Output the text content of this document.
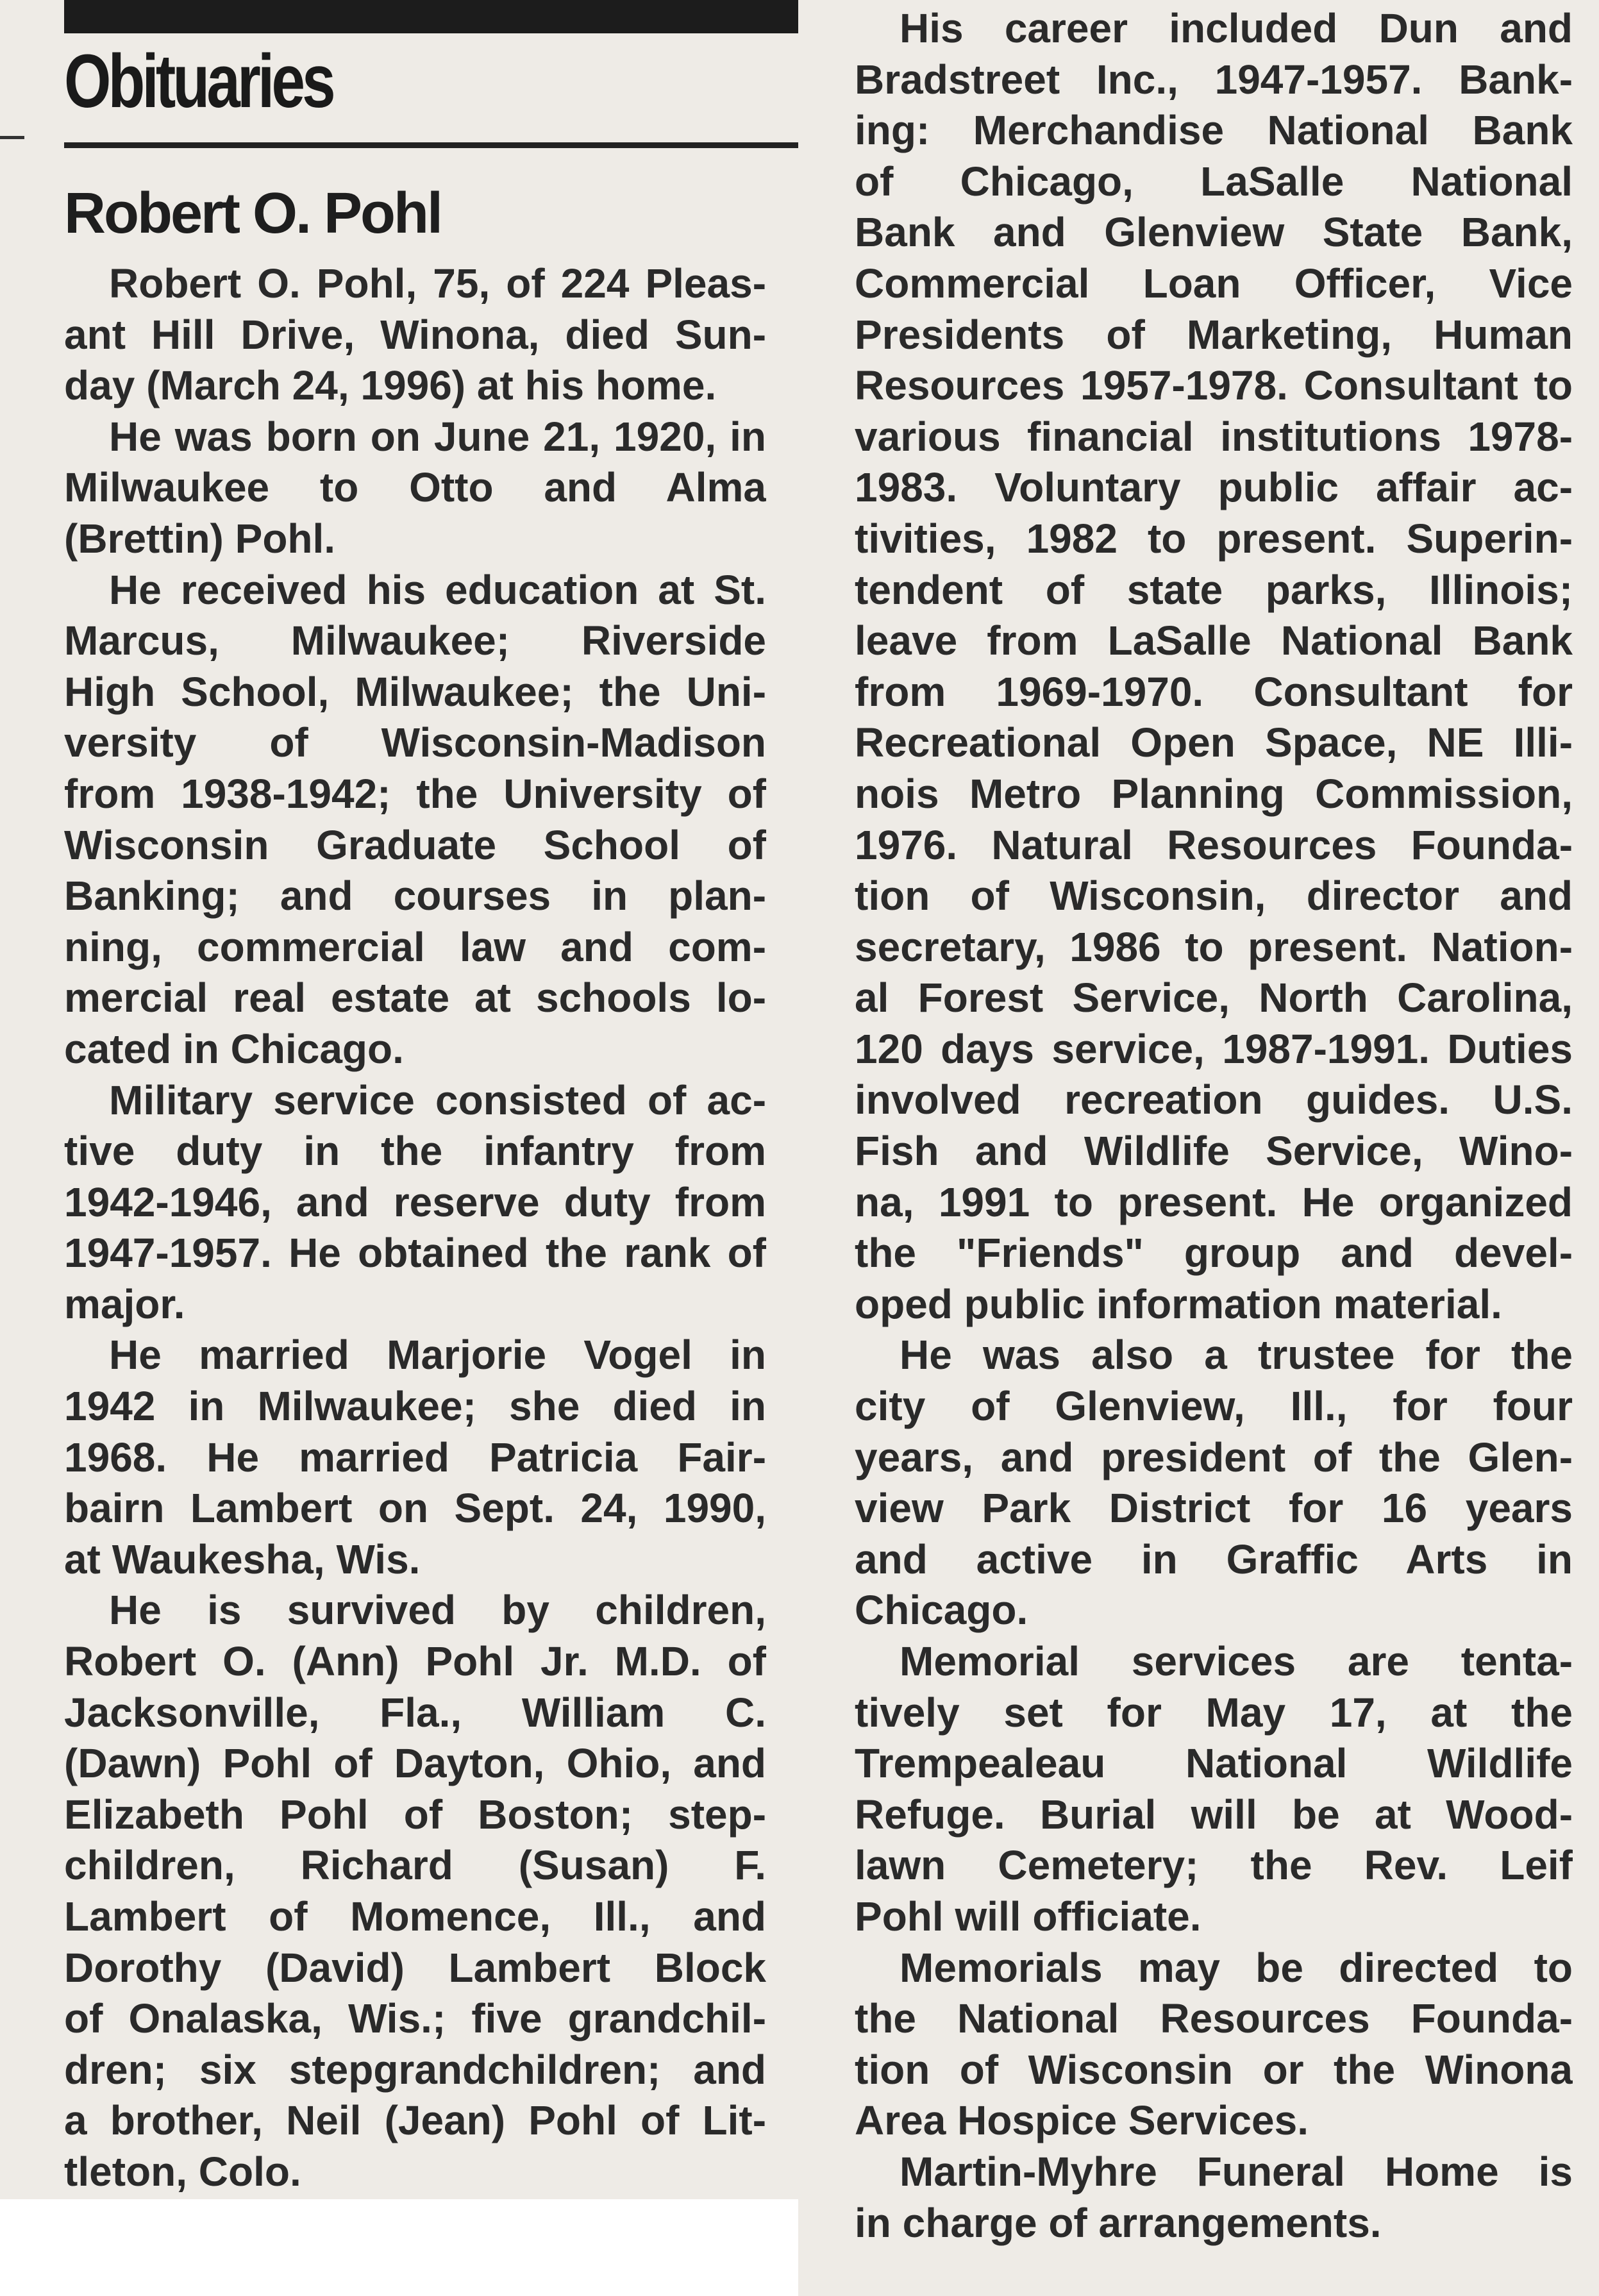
Obituaries
Robert O. Pohl
Robert O. Pohl, 75, of 224 Pleas-
ant Hill Drive, Winona, died Sun-
day (March 24, 1996) at his home.
He was born on June 21, 1920, in
Milwaukee to Otto and Alma
(Brettin) Pohl.
He received his education at St.
Marcus, Milwaukee; Riverside
High School, Milwaukee; the Uni-
versity of Wisconsin-Madison
from 1938-1942; the University of
Wisconsin Graduate School of
Banking; and courses in plan-
ning, commercial law and com-
mercial real estate at schools lo-
cated in Chicago.
Military service consisted of ac-
tive duty in the infantry from
1942-1946, and reserve duty from
1947-1957. He obtained the rank of
major.
He married Marjorie Vogel in
1942 in Milwaukee; she died in
1968. He married Patricia Fair-
bairn Lambert on Sept. 24, 1990,
at Waukesha, Wis.
He is survived by children,
Robert O. (Ann) Pohl Jr. M.D. of
Jacksonville, Fla., William C.
(Dawn) Pohl of Dayton, Ohio, and
Elizabeth Pohl of Boston; step-
children, Richard (Susan) F.
Lambert of Momence, Ill., and
Dorothy (David) Lambert Block
of Onalaska, Wis.; five grandchil-
dren; six stepgrandchildren; and
a brother, Neil (Jean) Pohl of Lit-
tleton, Colo.
His career included Dun and
Bradstreet Inc., 1947-1957. Bank-
ing: Merchandise National Bank
of Chicago, LaSalle National
Bank and Glenview State Bank,
Commercial Loan Officer, Vice
Presidents of Marketing, Human
Resources 1957-1978. Consultant to
various financial institutions 1978-
1983. Voluntary public affair ac-
tivities, 1982 to present. Superin-
tendent of state parks, Illinois;
leave from LaSalle National Bank
from 1969-1970. Consultant for
Recreational Open Space, NE Illi-
nois Metro Planning Commission,
1976. Natural Resources Founda-
tion of Wisconsin, director and
secretary, 1986 to present. Nation-
al Forest Service, North Carolina,
120 days service, 1987-1991. Duties
involved recreation guides. U.S.
Fish and Wildlife Service, Wino-
na, 1991 to present. He organized
the "Friends" group and devel-
oped public information material.
He was also a trustee for the
city of Glenview, Ill., for four
years, and president of the Glen-
view Park District for 16 years
and active in Graffic Arts in
Chicago.
Memorial services are tenta-
tively set for May 17, at the
Trempealeau National Wildlife
Refuge. Burial will be at Wood-
lawn Cemetery; the Rev. Leif
Pohl will officiate.
Memorials may be directed to
the National Resources Founda-
tion of Wisconsin or the Winona
Area Hospice Services.
Martin-Myhre Funeral Home is
in charge of arrangements.
